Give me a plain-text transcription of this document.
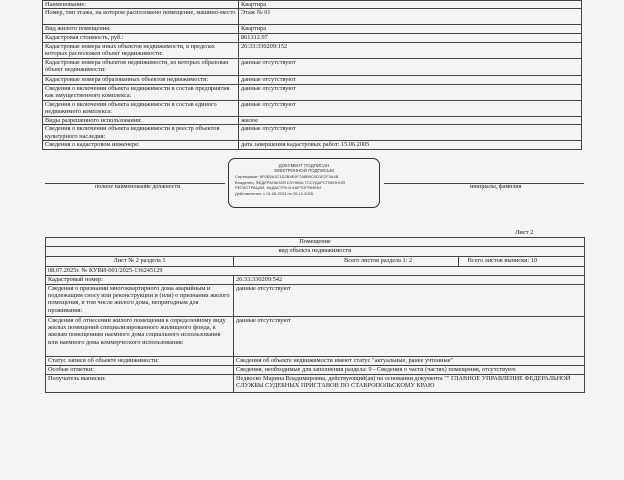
Наименование:	Квартира
Номер, тип этажа, на котором расположено помещение, машино-место	Этаж № 01
Вид жилого помещения:	Квартира
Кадастровая стоимость, руб.:	861312.97
Кадастровые номера иных объектов недвижимости, в пределах которых расположен объект недвижимости:	26:33:330209:152
Кадастровые номера объектов недвижимости, из которых образован объект недвижимости:	данные отсутствуют
Кадастровые номера образованных объектов недвижимости:	данные отсутствуют
Сведения о включении объекта недвижимости в состав предприятия как имущественного комплекса:	данные отсутствуют
Сведения о включении объекта недвижимости в состав единого недвижимого комплекса:	данные отсутствуют
Виды разрешенного использования:	жилое
Сведения о включении объекта недвижимости в реестр объектов культурного наследия:	данные отсутствуют
Сведения о кадастровом инженере:	дата завершения кадастровых работ: 15.06.2005
полное наименование должности	инициалы, фамилия
ДОКУМЕНТ ПОДПИСАН
ЭЛЕКТРОННОЙ ПОДПИСЬЮ
Сертификат: 8F0E5A3C1D2B4E6F7A8B9C0D1E2F3A4B
Владелец: ФЕДЕРАЛЬНАЯ СЛУЖБА ГОСУДАРСТВЕННОЙ
РЕГИСТРАЦИИ, КАДАСТРА И КАРТОГРАФИИ
Действителен: с 01.08.2024 по 26.10.2025
Лист 2
Помещение		
вид объекта недвижимости		
Лист № 2 раздела 1	Всего листов раздела 1: 2	Всего листов выписки: 10
08.07.2025г. № КУВИ-001/2025-136245129		
Кадастровый номер:	26:33:330209:542	
Сведения о признании многоквартирного дома аварийным и подлежащим сносу или реконструкции и (или) о признании жилого помещения, в том числе жилого дома, непригодным для проживания:	данные отсутствуют	
Сведения об отнесении жилого помещения к определенному виду жилых помещений специализированного жилищного фонда, к жилым помещениям наемного дома социального использования или наемного дома коммерческого использования:	данные отсутствуют	
Статус записи об объекте недвижимости:	Сведения об объекте недвижимости имеют статус "актуальные, ранее учтенные"	
Особые отметки:	Сведения, необходимые для заполнения раздела: 9 - Сведения о части (частях) помещения, отсутствуют.	
Получатель выписки:	Недвоско Марина Владимировна, действующий(ая) на основании документа "" ГЛАВНОЕ УПРАВЛЕНИЕ ФЕДЕРАЛЬНОЙ СЛУЖБЫ СУДЕБНЫХ ПРИСТАВОВ ПО СТАВРОПОЛЬСКОМУ КРАЮ	
